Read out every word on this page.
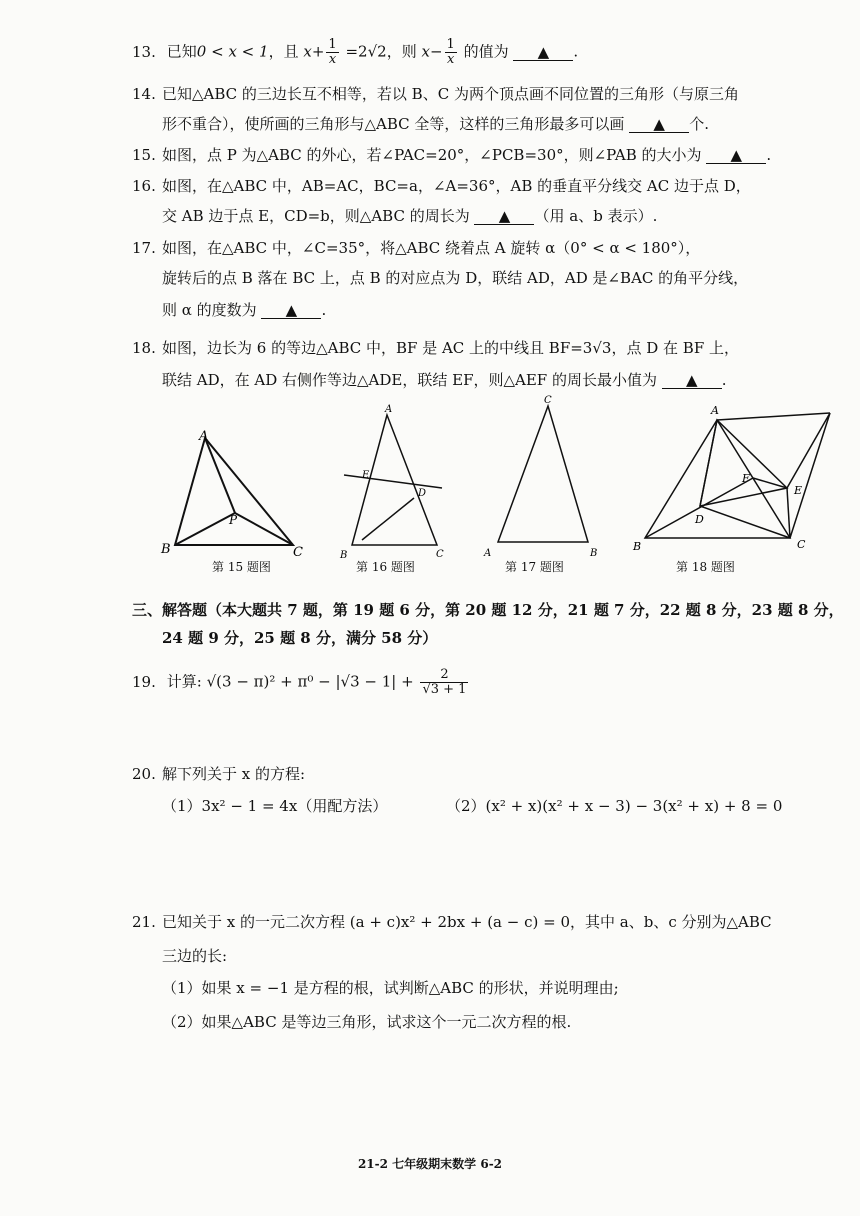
13. 已知0 < x < 1，且 $x+ \frac{1}{x} =2√2$，则 $x- \frac{1}{x}$ 的值为 ▲ .
14. 已知△ABC 的三边长互不相等，若以 B、C 为两个顶点画不同位置的三角形（与原三角
形不重合），使所画的三角形与△ABC 全等，这样的三角形最多可以画 ▲ 个.
15. 如图，点 P 为△ABC 的外心，若∠PAC=20°，∠PCB=30°，则∠PAB 的大小为 ▲ .
16. 如图，在△ABC 中，AB=AC，BC=a，∠A=36°，AB 的垂直平分线交 AC 边于点 D，
交 AB 边于点 E，CD=b，则△ABC 的周长为 ▲ （用 a、b 表示）.
17. 如图，在△ABC 中，∠C=35°，将△ABC 绕着点 A 旋转 α（0° < α < 180°），
旋转后的点 B 落在 BC 上，点 B 的对应点为 D，联结 AD，AD 是∠BAC 的角平分线，
则 α 的度数为 ▲ .
18. 如图，边长为 6 的等边△ABC 中，BF 是 AC 上的中线且 BF=3√3，点 D 在 BF 上，
联结 AD，在 AD 右侧作等边△ADE，联结 EF，则△AEF 的周长最小值为 ▲ .
A
B	C
P
A
B	C
D
E
C
A	B
A
B	C
D
E
F
第 15 题图	第 16 题图	第 17 题图	第 18 题图
三、解答题（本大题共 7 题，第 19 题 6 分，第 20 题 12 分，21 题 7 分，22 题 8 分，23 题 8 分，
24 题 9 分，25 题 8 分，满分 58 分）
19. 计算: $√(3 - \pi)^2 + \pi^0 - |√3 - 1| + \frac{2}{√3 + 1}$
20. 解下列关于 x 的方程:
（1）3x² − 1 = 4x（用配方法）	（2）(x² + x)(x² + x − 3) − 3(x² + x) + 8 = 0
21. 已知关于 x 的一元二次方程 (a + c)x² + 2bx + (a − c) = 0，其中 a、b、c 分别为△ABC
三边的长:
（1）如果 x = −1 是方程的根，试判断△ABC 的形状，并说明理由;
（2）如果△ABC 是等边三角形，试求这个一元二次方程的根.
21-2 七年级期末数学 6-2
